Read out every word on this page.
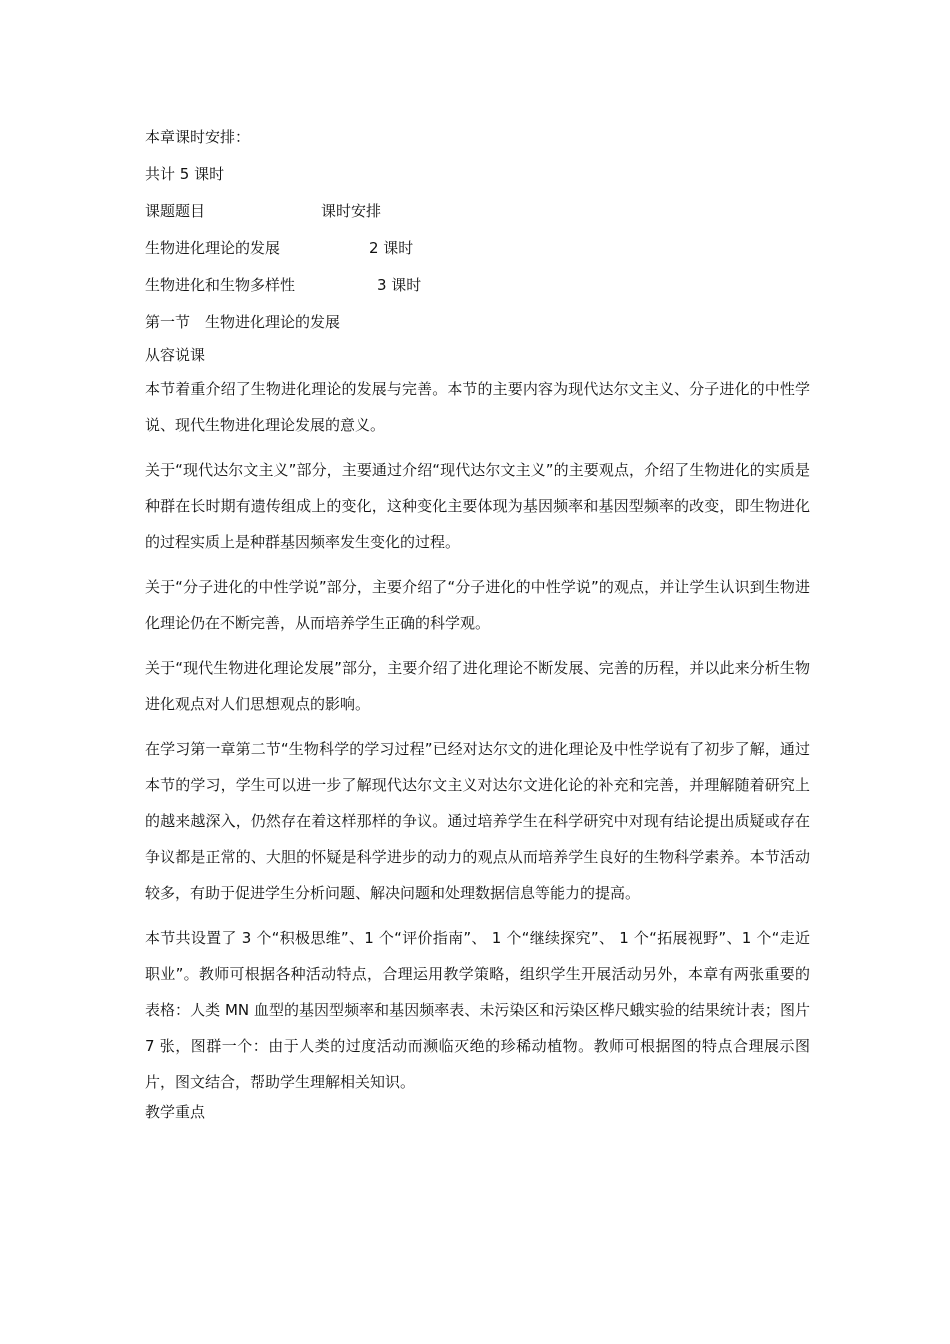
本章课时安排：

共计 5 课时

课题题目	课时安排
生物进化理论的发展	2 课时
生物进化和生物多样性	3 课时

第一节　生物进化理论的发展

从容说课

本节着重介绍了生物进化理论的发展与完善。本节的主要内容为现代达尔文主义、分子进化的中性学说、现代生物进化理论发展的意义。

关于“现代达尔文主义”部分，主要通过介绍“现代达尔文主义”的主要观点，介绍了生物进化的实质是种群在长时期有遗传组成上的变化，这种变化主要体现为基因频率和基因型频率的改变，即生物进化的过程实质上是种群基因频率发生变化的过程。

关于“分子进化的中性学说”部分，主要介绍了“分子进化的中性学说”的观点，并让学生认识到生物进化理论仍在不断完善，从而培养学生正确的科学观。

关于“现代生物进化理论发展”部分，主要介绍了进化理论不断发展、完善的历程，并以此来分析生物进化观点对人们思想观点的影响。

在学习第一章第二节“生物科学的学习过程”已经对达尔文的进化理论及中性学说有了初步了解，通过本节的学习，学生可以进一步了解现代达尔文主义对达尔文进化论的补充和完善，并理解随着研究上的越来越深入，仍然存在着这样那样的争议。通过培养学生在科学研究中对现有结论提出质疑或存在争议都是正常的、大胆的怀疑是科学进步的动力的观点从而培养学生良好的生物科学素养。本节活动较多，有助于促进学生分析问题、解决问题和处理数据信息等能力的提高。

本节共设置了 3 个“积极思维”、1 个“评价指南”、 1 个“继续探究”、 1 个“拓展视野”、1 个“走近职业”。教师可根据各种活动特点，合理运用教学策略，组织学生开展活动另外，本章有两张重要的表格：人类 MN 血型的基因型频率和基因频率表、未污染区和污染区桦尺蛾实验的结果统计表；图片 7 张，图群一个：由于人类的过度活动而濒临灭绝的珍稀动植物。教师可根据图的特点合理展示图片，图文结合，帮助学生理解相关知识。

教学重点
